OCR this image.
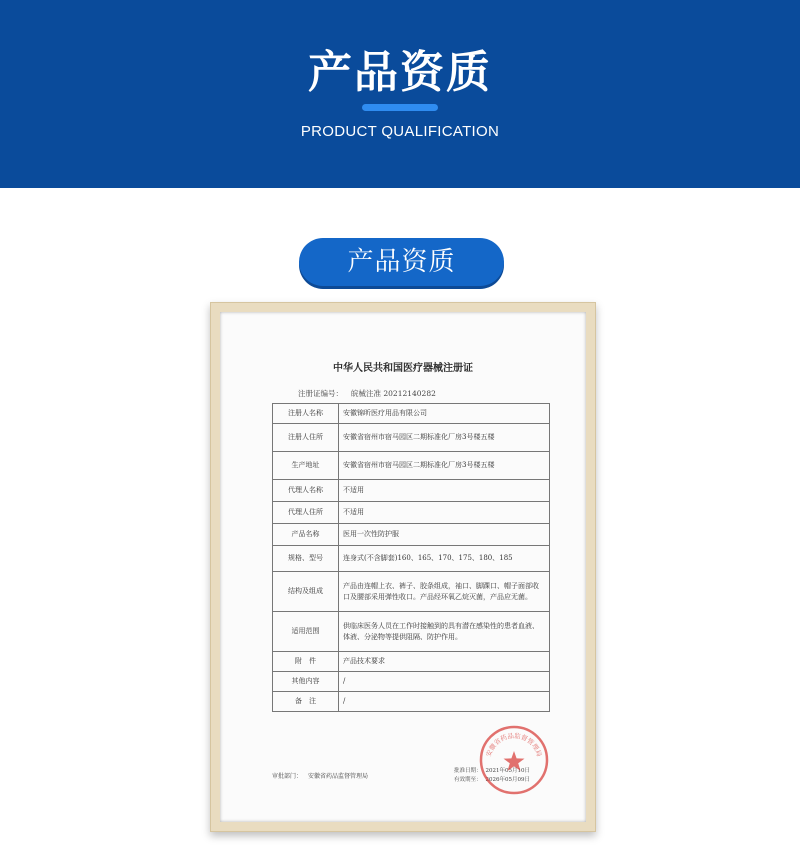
产品资质
PRODUCT QUALIFICATION
产品资质
中华人民共和国医疗器械注册证
注册证编号： 皖械注准 20212140282
注册人名称	安徽锦昕医疗用品有限公司
注册人住所	安徽省宿州市宿马园区二期标准化厂房3号楼五楼
生产地址	安徽省宿州市宿马园区二期标准化厂房3号楼五楼
代理人名称	不适用
代理人住所	不适用
产品名称	医用一次性防护服
规格、型号	连身式(不含脚套)160、165、170、175、180、185
结构及组成	产品由连帽上衣、裤子、胶条组成，袖口、脚踝口、帽子面部收口及腰部采用弹性收口。产品经环氧乙烷灭菌，产品应无菌。
适用范围	供临床医务人员在工作时接触到的具有潜在感染性的患者血液、体液、分泌物等提供阻隔、防护作用。
附　件	产品技术要求
其他内容	/
备　注	/
审批部门： 安徽省药品监督管理局
批准日期： 2021年05月10日
有效期至： 2026年05月09日
安徽省药品监督管理局
